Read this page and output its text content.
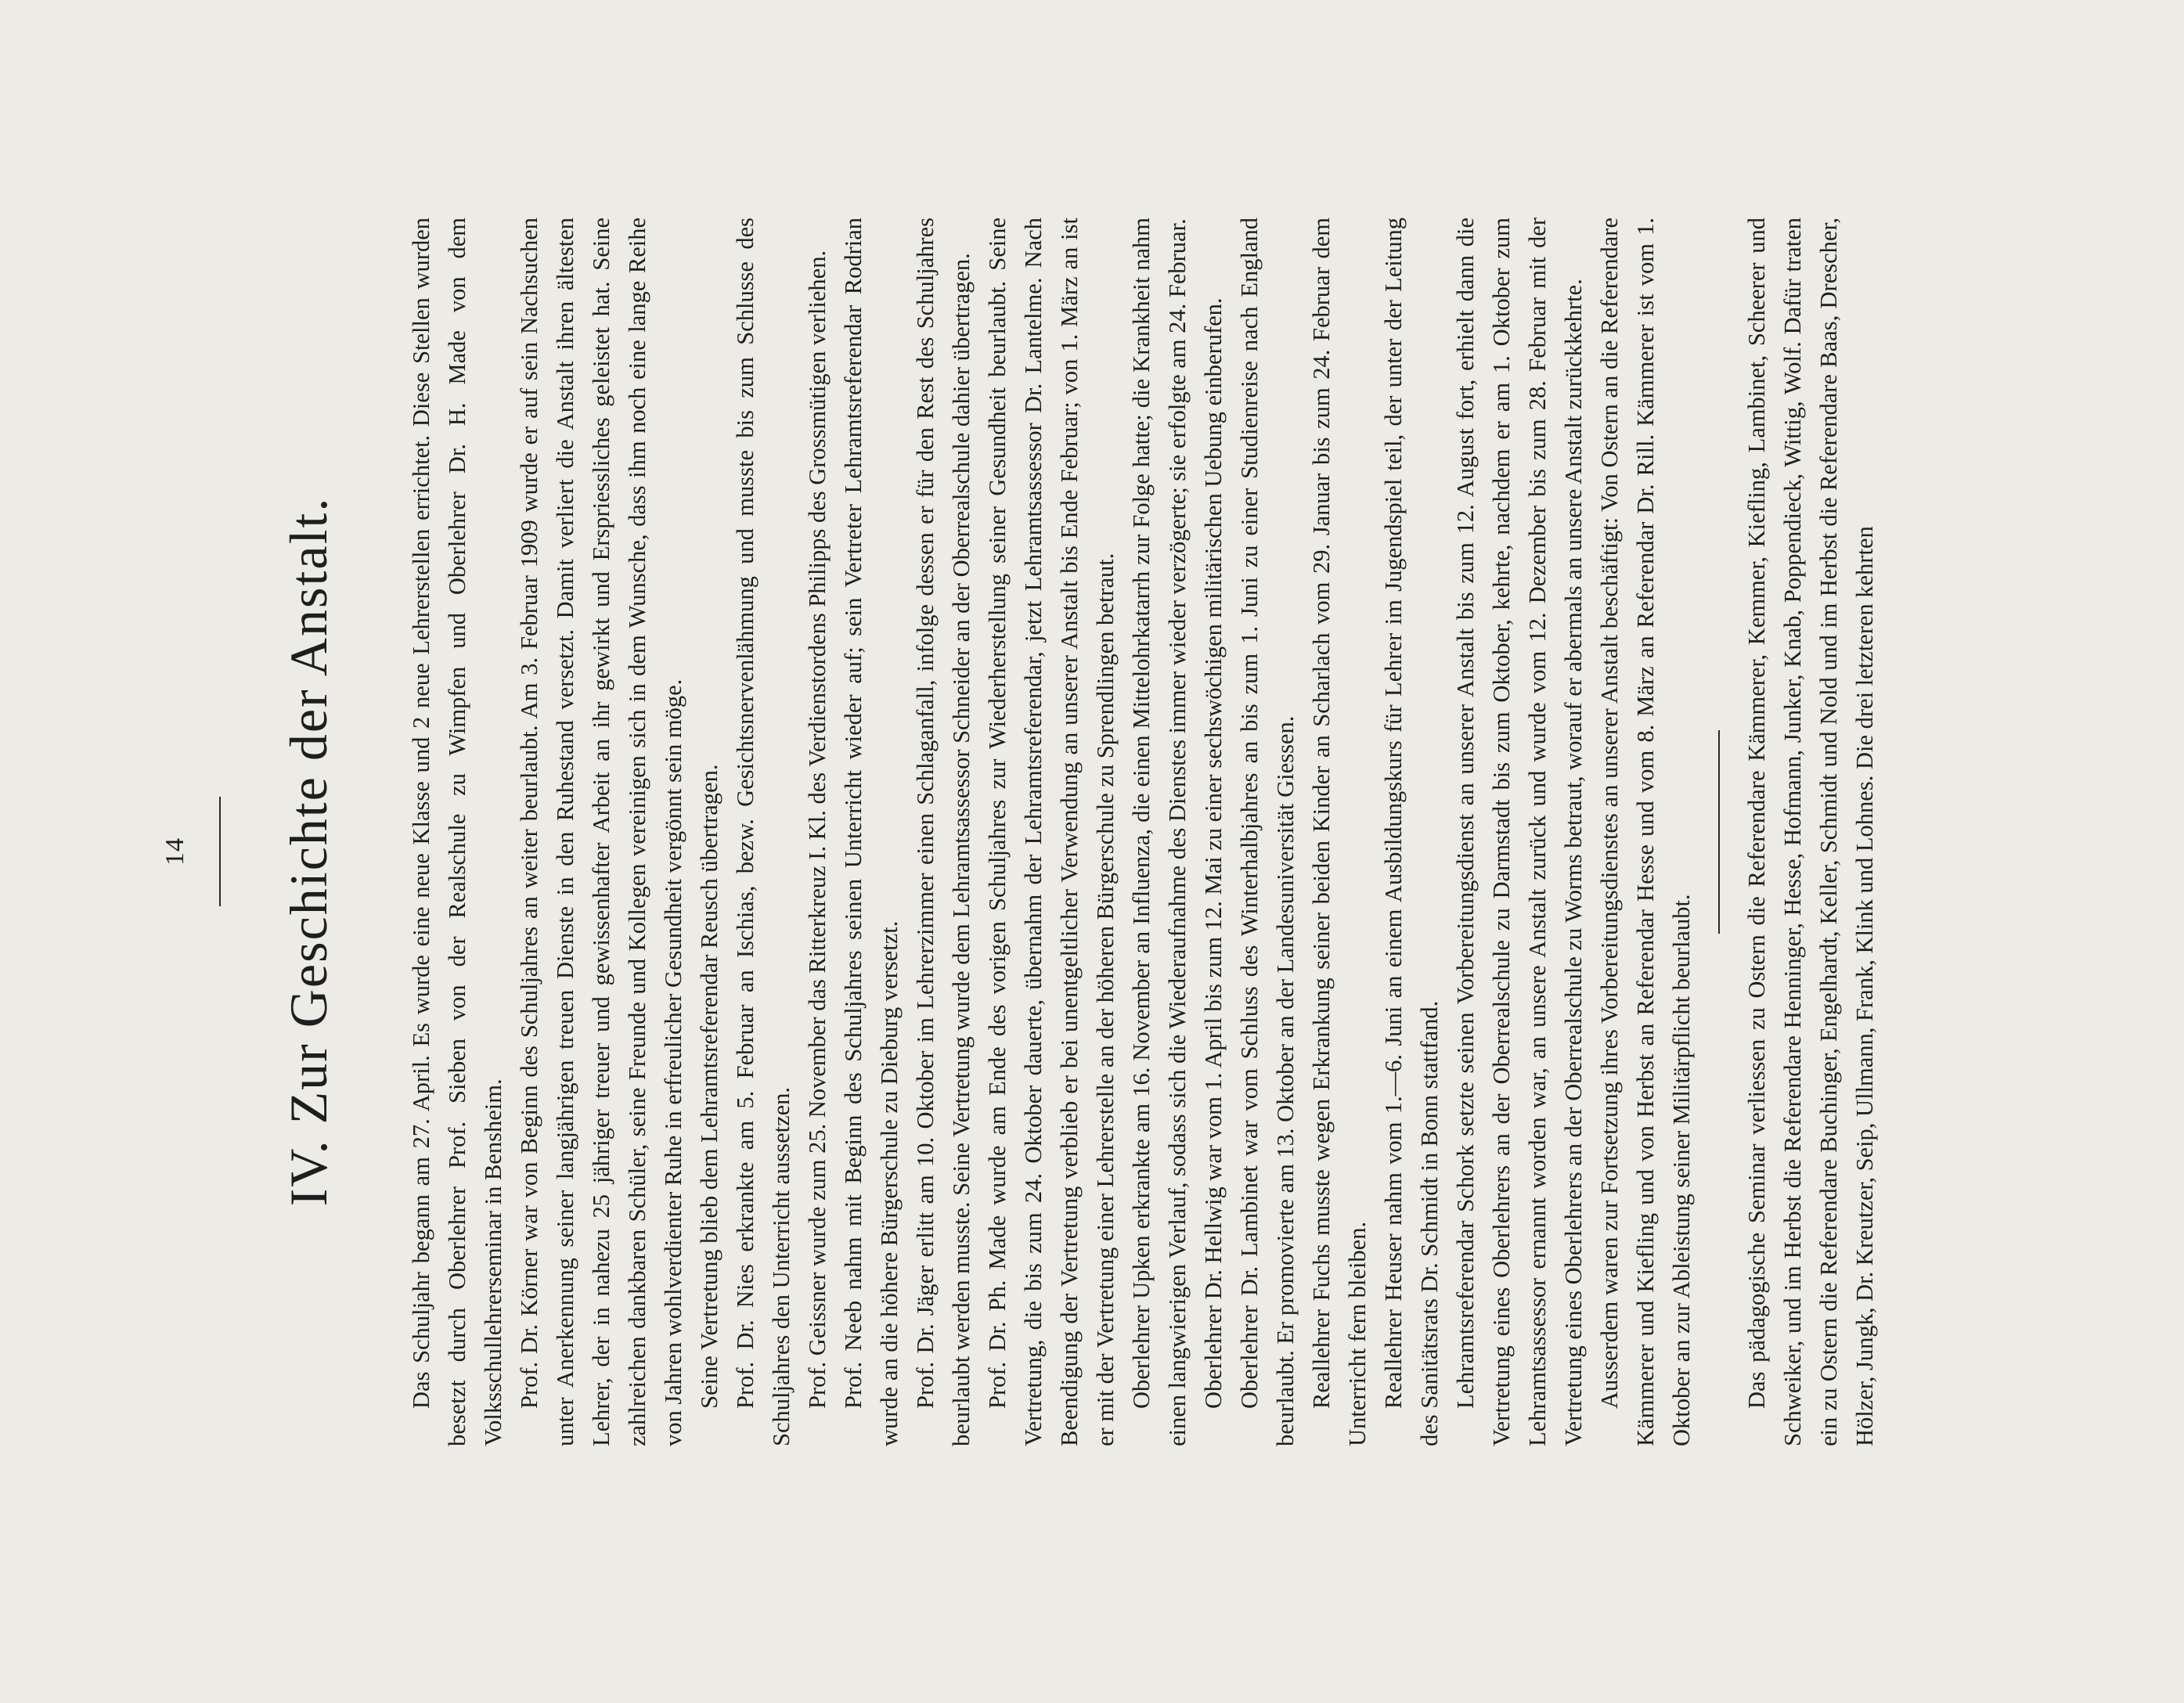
14 IV. Zur Geschichte der Anstalt.	Das Schuljahr begann am 27. April. Es wurde eine neue Klasse und 2 neue Lehrerstellen errichtet. Diese Stellen wurden besetzt durch Oberlehrer Prof. Sieben von der Realschule zu Wimpfen und Oberlehrer Dr. H. Made von dem Volksschullehrerseminar in Bensheim. Prof. Dr. Körner war von Beginn des Schuljahres an weiter beurlaubt. Am 3. Februar 1909 wurde er auf sein Nachsuchen unter Anerkennung seiner langjährigen treuen Dienste in den Ruhestand versetzt. Damit verliert die Anstalt ihren ältesten Lehrer, der in nahezu 25 jähriger treuer und gewissenhafter Arbeit an ihr gewirkt und Erspriessliches geleistet hat. Seine zahlreichen dankbaren Schüler, seine Freunde und Kollegen vereinigen sich in dem Wunsche, dass ihm noch eine lange Reihe von Jahren wohlverdienter Ruhe in erfreulicher Gesundheit vergönnt sein möge. Seine Vertretung blieb dem Lehramtsreferendar Reusch übertragen. Prof. Dr. Nies erkrankte am 5. Februar an Ischias, bezw. Gesichtsnervenlähmung und musste bis zum Schlusse des Schuljahres den Unterricht aussetzen. Prof. Geissner wurde zum 25. November das Ritterkreuz I. Kl. des Verdienstordens Philipps des Grossmütigen verliehen. Prof. Neeb nahm mit Beginn des Schuljahres seinen Unterricht wieder auf; sein Vertreter Lehramtsreferendar Rodrian wurde an die höhere Bürgerschule zu Dieburg versetzt. Prof. Dr. Jäger erlitt am 10. Oktober im Lehrerzimmer einen Schlaganfall, infolge dessen er für den Rest des Schuljahres beurlaubt werden musste. Seine Vertretung wurde dem Lehramtsassessor Schneider an der Oberrealschule dahier übertragen. Prof. Dr. Ph. Made wurde am Ende des vorigen Schuljahres zur Wiederherstellung seiner Gesundheit beurlaubt. Seine Vertretung, die bis zum 24. Oktober dauerte, übernahm der Lehramtsreferendar, jetzt Lehramtsassessor Dr. Lantelme. Nach Beendigung der Vertretung verblieb er bei unentgeltlicher Verwendung an unserer Anstalt bis Ende Februar; von 1. März an ist er mit der Vertretung einer Lehrerstelle an der höheren Bürgerschule zu Sprendlingen betraut. Oberlehrer Upken erkrankte am 16. November an Influenza, die einen Mittelohrkatarrh zur Folge hatte; die Krankheit nahm einen langwierigen Verlauf, sodass sich die Wiederaufnahme des Dienstes immer wieder verzögerte; sie erfolgte am 24. Februar. Oberlehrer Dr. Hellwig war vom 1. April bis zum 12. Mai zu einer sechswöchigen militärischen Uebung einberufen. Oberlehrer Dr. Lambinet war vom Schluss des Winterhalbjahres an bis zum 1. Juni zu einer Studienreise nach England beurlaubt. Er promovierte am 13. Oktober an der Landesuniversität Giessen. Reallehrer Fuchs musste wegen Erkrankung seiner beiden Kinder an Scharlach vom 29. Januar bis zum 24. Februar dem Unterricht fern bleiben. Reallehrer Heuser nahm vom 1.—6. Juni an einem Ausbildungskurs für Lehrer im Jugendspiel teil, der unter der Leitung des Sanitätsrats Dr. Schmidt in Bonn stattfand. Lehramtsreferendar Schork setzte seinen Vorbereitungsdienst an unserer Anstalt bis zum 12. August fort, erhielt dann die Vertretung eines Oberlehrers an der Oberrealschule zu Darmstadt bis zum Oktober, kehrte, nachdem er am 1. Oktober zum Lehramtsassessor ernannt worden war, an unsere Anstalt zurück und wurde vom 12. Dezember bis zum 28. Februar mit der Vertretung eines Oberlehrers an der Oberrealschule zu Worms betraut, worauf er abermals an unsere Anstalt zurückkehrte. Ausserdem waren zur Fortsetzung ihres Vorbereitungsdienstes an unserer Anstalt beschäftigt: Von Ostern an die Referendare Kämmerer und Kiefling und von Herbst an Referendar Hesse und vom 8. März an Referendar Dr. Rill. Kämmerer ist vom 1. Oktober an zur Ableistung seiner Militärpflicht beurlaubt. Das pädagogische Seminar verliessen zu Ostern die Referendare Kämmerer, Kemmer, Kiefling, Lambinet, Scheerer und Schweiker, und im Herbst die Referendare Henninger, Hesse, Hofmann, Junker, Knab, Poppendieck, Wittig, Wolf. Dafür traten ein zu Ostern die Referendare Buchinger, Engelhardt, Keller, Schmidt und Nold und im Herbst die Referendare Baas, Drescher, Hölzer, Jungk, Dr. Kreutzer, Seip, Ullmann, Frank, Klink und Lohnes. Die drei letzteren kehrten
